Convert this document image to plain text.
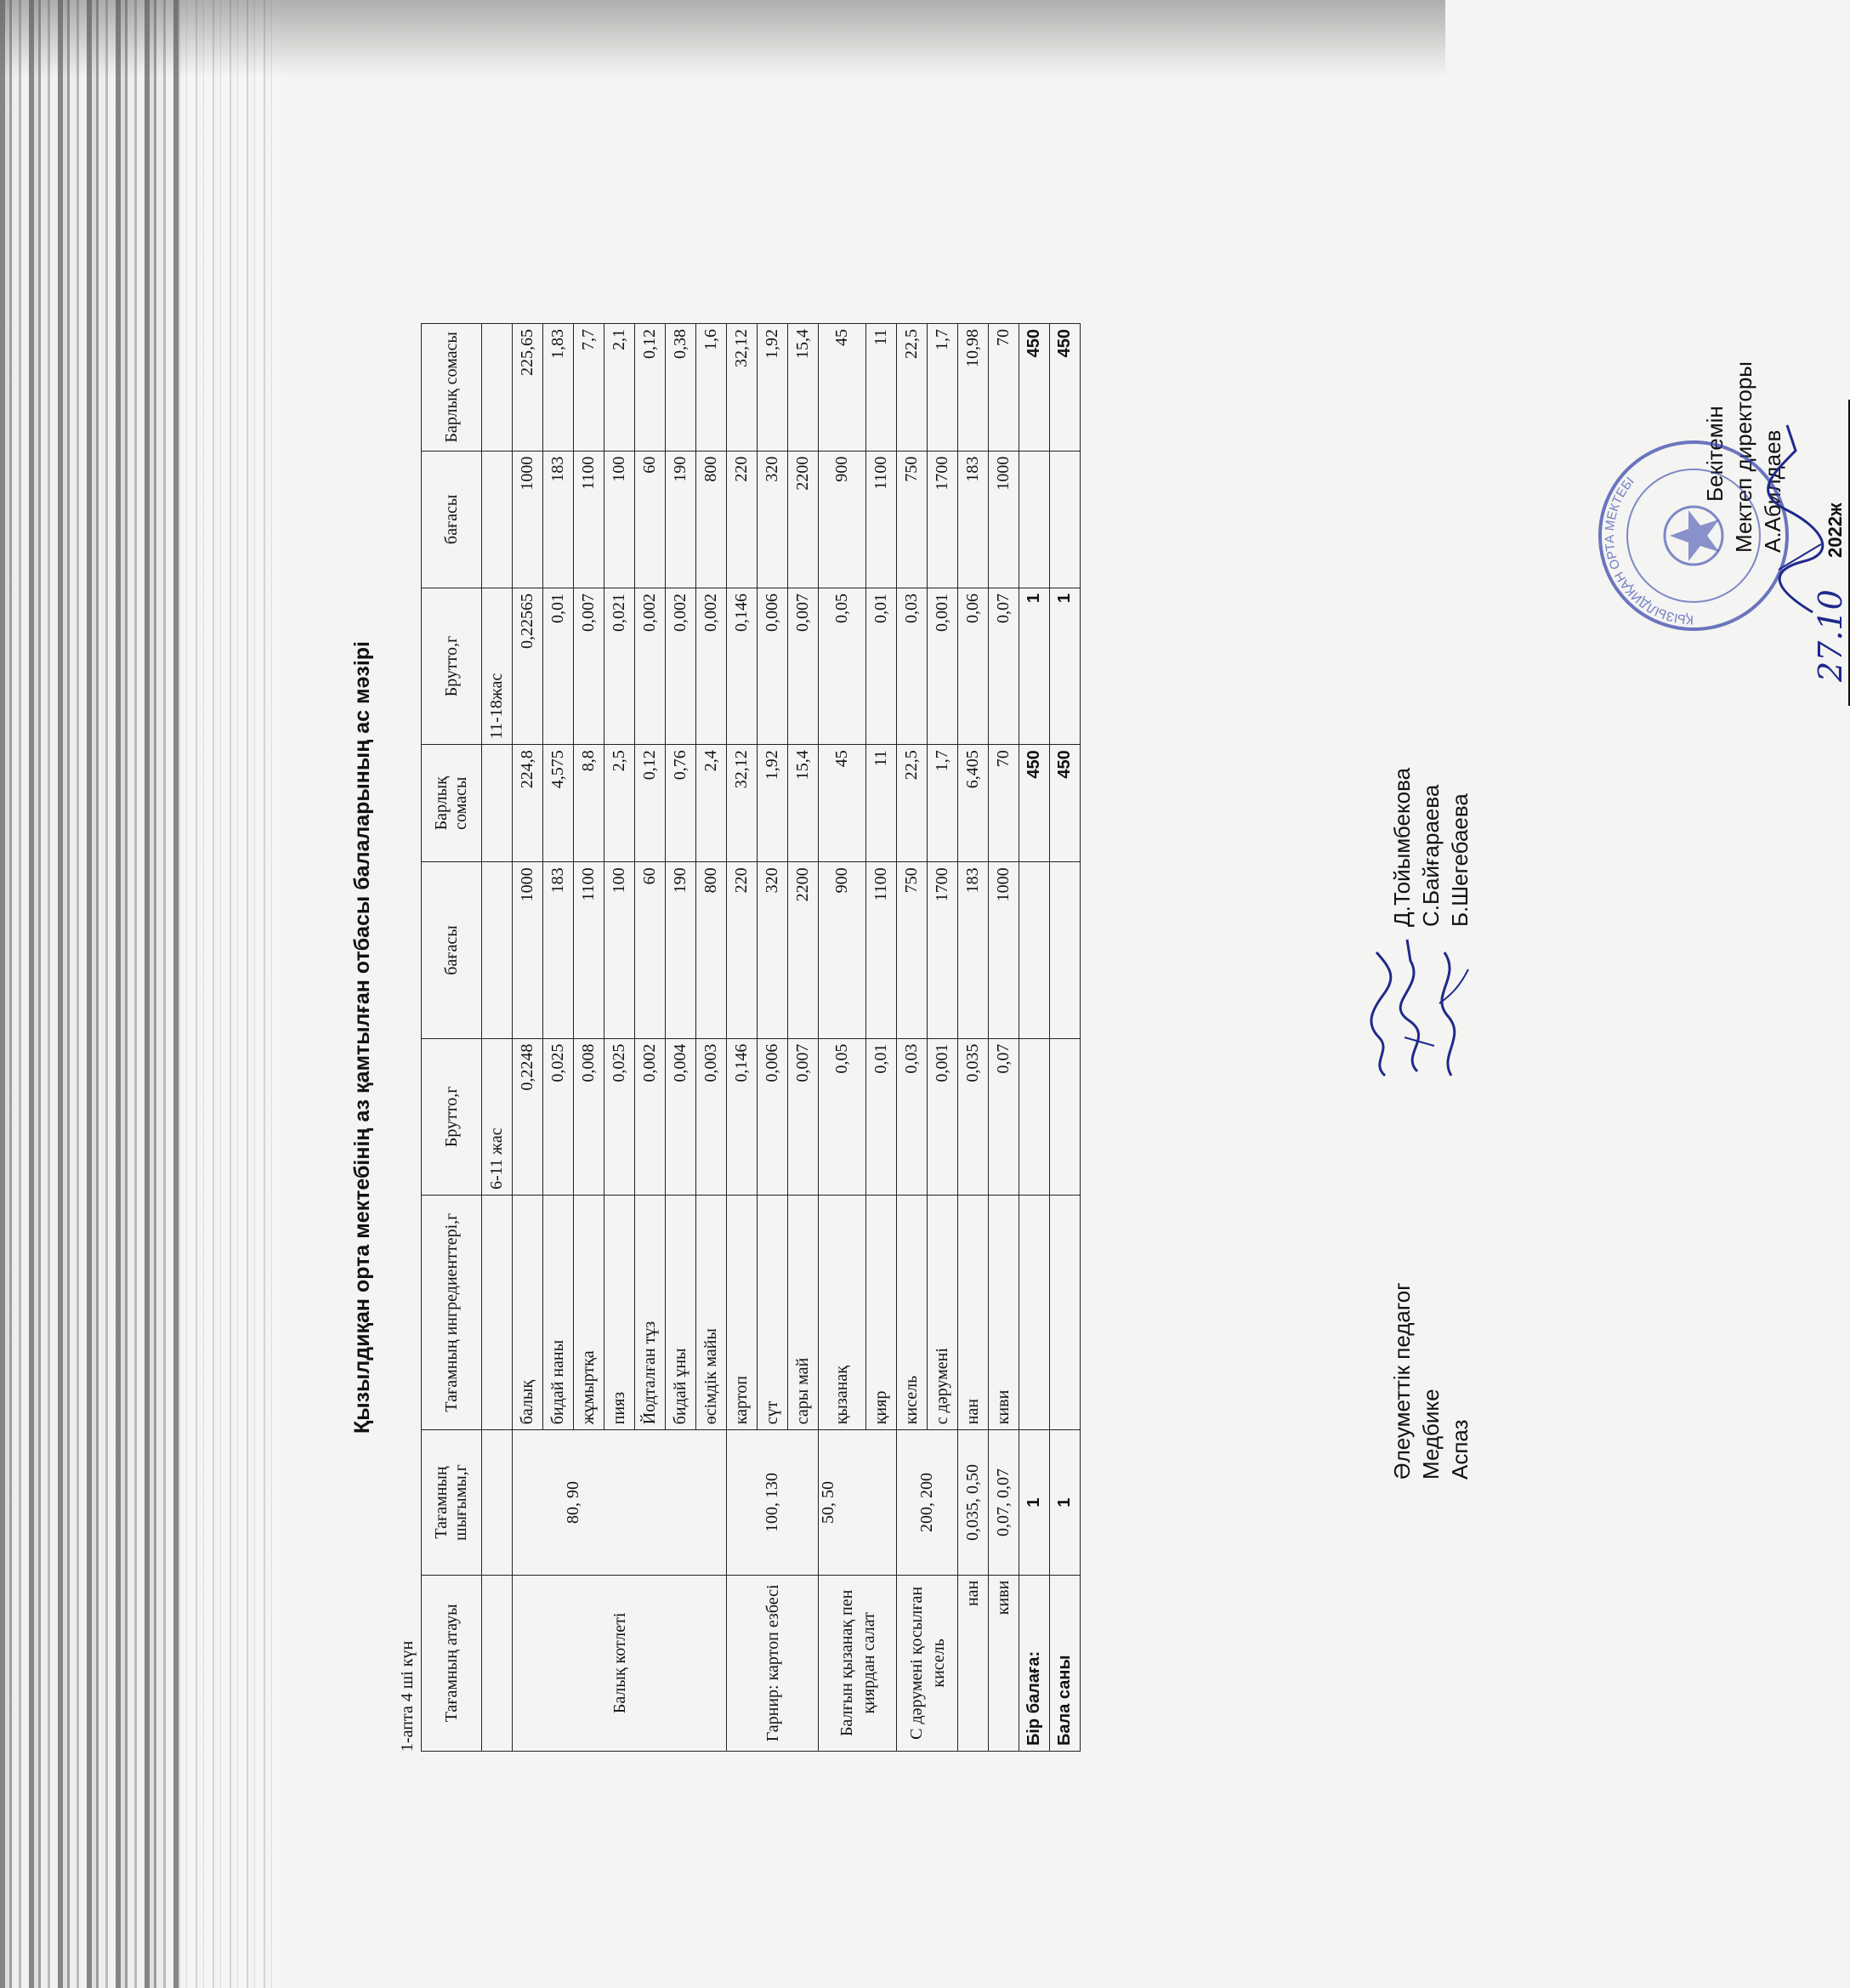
Қызылдиқан орта мектебінің аз қамтылған отбасы балаларының ас мәзірі
1-апта 4 ші күн Тағамның атауы	Тағамның шығымы,г	Тағамның ингредиенттері,г	Брутто,г	бағасы	Барлық сомасы	Брутто,г	бағасы	Барлық сомасы
			6-11 жас			11-18жас		
Балық котлеті	80, 90	балық	0,2248	1000	224,8	0,22565	1000	225,65
		бидай наны	0,025	183	4,575	0,01	183	1,83
		жұмыртқа	0,008	1100	8,8	0,007	1100	7,7
		пияз	0,025	100	2,5	0,021	100	2,1
		Йодталған тұз	0,002	60	0,12	0,002	60	0,12
		бидай ұны	0,004	190	0,76	0,002	190	0,38
		өсімдік майы	0,003	800	2,4	0,002	800	1,6
Гарнир: картоп езбесі	100, 130	картоп	0,146	220	32,12	0,146	220	32,12
		сүт	0,006	320	1,92	0,006	320	1,92
		сары май	0,007	2200	15,4	0,007	2200	15,4
Балғын қызанақ пен қиярдан салат	50, 50	қызанақ	0,05	900	45	0,05	900	45
		қияр	0,01	1100	11	0,01	1100	11
С дәрумені қосылған кисель	200, 200	кисель	0,03	750	22,5	0,03	750	22,5
		с дәрумені	0,001	1700	1,7	0,001	1700	1,7
нан	0,035, 0,50	нан	0,035	183	6,405	0,06	183	10,98
киви	0,07, 0,07	киви	0,07	1000	70	0,07	1000	70
Бір балаға:	1				450	1		450
Бала саны	1				450	1		450
Бекітемін Мектеп директоры А.Абилдаев
27.10 2022ж
ҚЫЗЫЛДИҚАН ОРТА МЕКТЕБІ
Әлеуметтік педагог
Д.Тойымбекова
Медбике
С.Байғараева
Аспаз
Б.Шегебаева
